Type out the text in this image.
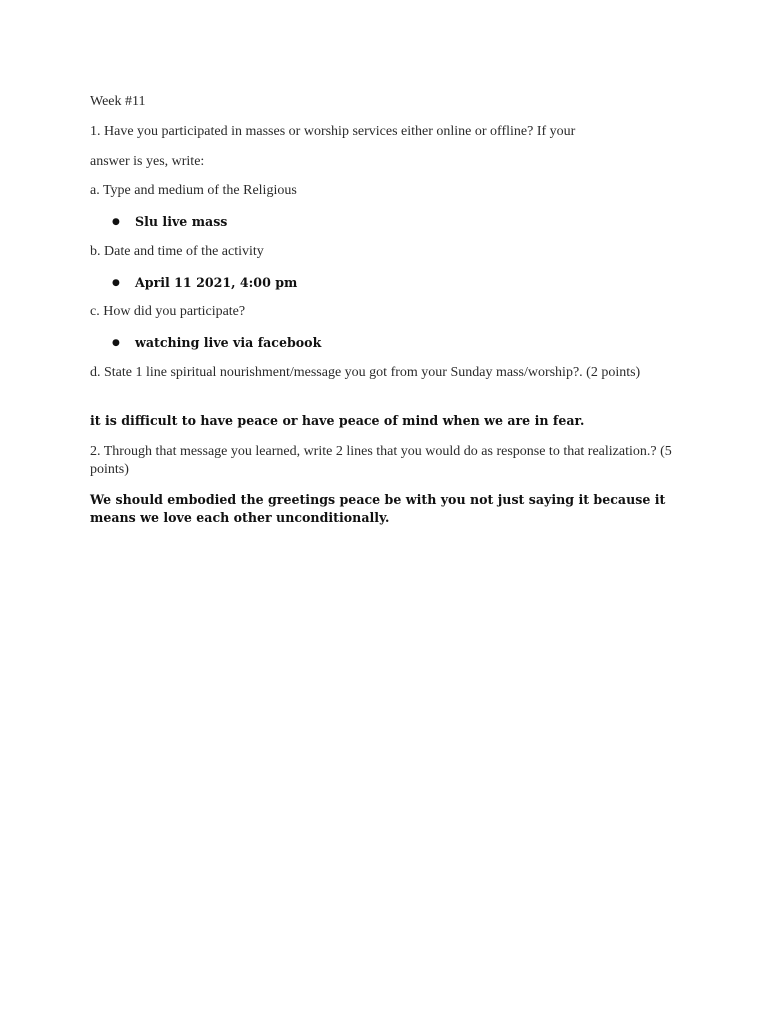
Week #11
1. Have you participated in masses or worship services either online or offline? If your
answer is yes, write:
a. Type and medium of the Religious
● Slu live mass
b. Date and time of the activity
● April 11 2021, 4:00 pm
c. How did you participate?
● watching live via facebook
d. State 1 line spiritual nourishment/message you got from your Sunday mass/worship?. (2 points)
it is difficult to have peace or have peace of mind when we are in fear.
2. Through that message you learned, write 2 lines that you would do as response to that realization.? (5 points)
We should embodied the greetings peace be with you not just saying it because it means we love each other unconditionally.
